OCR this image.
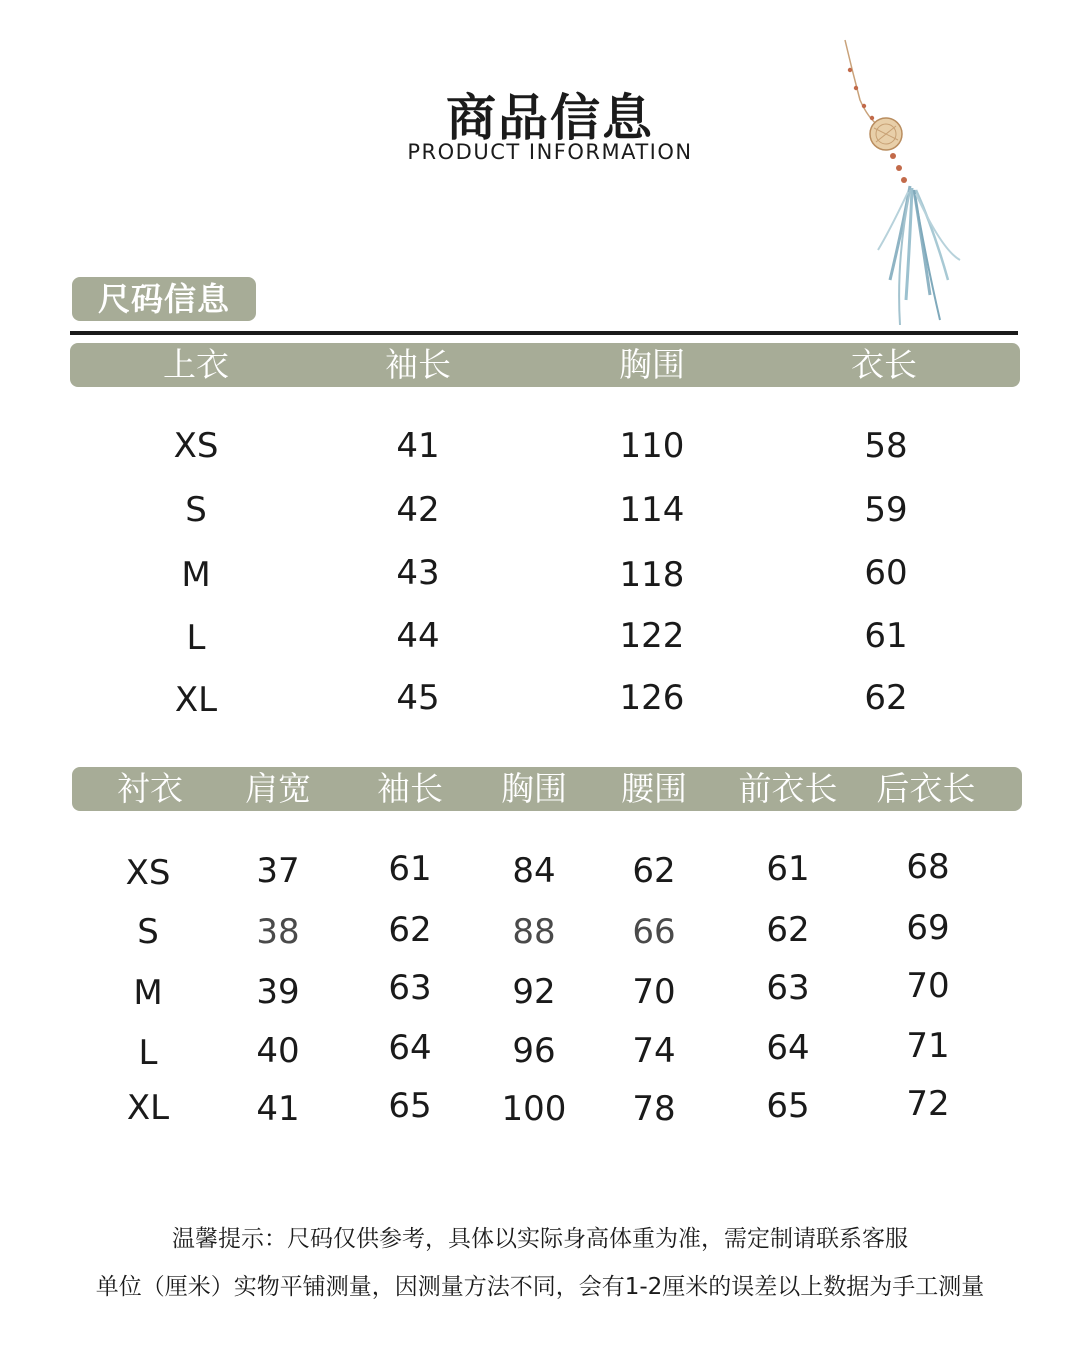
商品信息
PRODUCT INFORMATION
尺码信息
上衣	袖长	胸围	衣长
XS	41	110	58
S	42	114	59
M	43	118	60
L	44	122	61
XL	45	126	62
衬衣	肩宽	袖长	胸围	腰围	前衣长	后衣长
XS	37	61	84	62	61	68
S	38	62	88	66	62	69
M	39	63	92	70	63	70
L	40	64	96	74	64	71
XL	41	65	100	78	65	72
温馨提示：尺码仅供参考，具体以实际身高体重为准，需定制请联系客服
单位（厘米）实物平铺测量，因测量方法不同，会有1-2厘米的误差以上数据为手工测量
